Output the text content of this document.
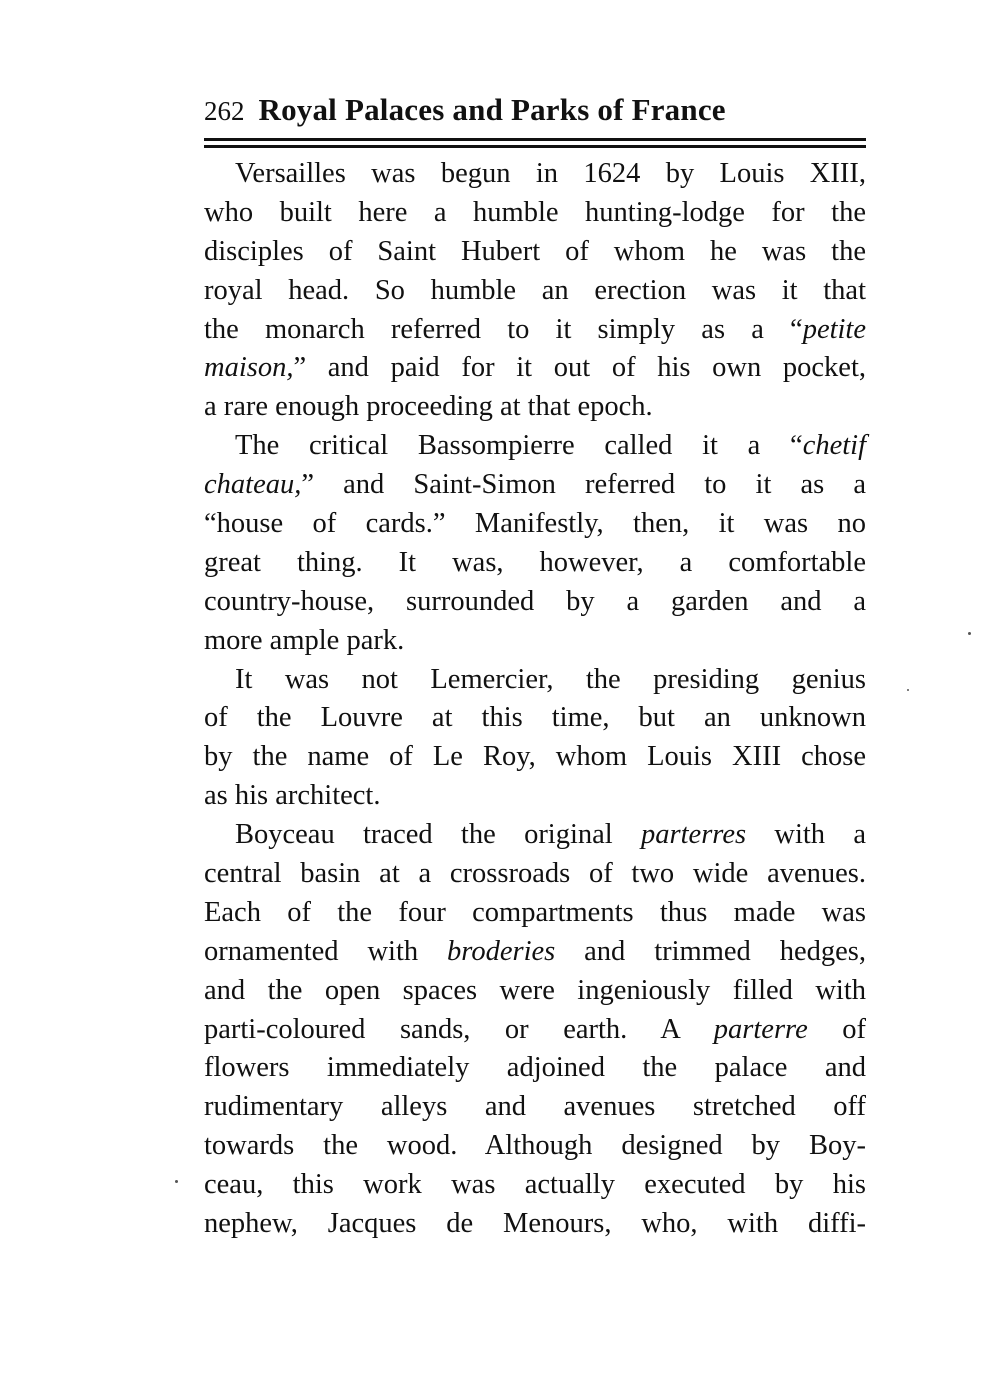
262 Royal Palaces and Parks of France
Versailles was begun in 1624 by Louis XIII,
who built here a humble hunting-lodge for the
disciples of Saint Hubert of whom he was the
royal head. So humble an erection was it that
the monarch referred to it simply as a “petite
maison,” and paid for it out of his own pocket,
a rare enough proceeding at that epoch.
The critical Bassompierre called it a “chetif
chateau,” and Saint-Simon referred to it as a
“house of cards.” Manifestly, then, it was no
great thing. It was, however, a comfortable
country-house, surrounded by a garden and a
more ample park.
It was not Lemercier, the presiding genius
of the Louvre at this time, but an unknown
by the name of Le Roy, whom Louis XIII chose
as his architect.
Boyceau traced the original parterres with a
central basin at a crossroads of two wide avenues.
Each of the four compartments thus made was
ornamented with broderies and trimmed hedges,
and the open spaces were ingeniously filled with
parti-coloured sands, or earth. A parterre of
flowers immediately adjoined the palace and
rudimentary alleys and avenues stretched off
towards the wood. Although designed by Boy-
ceau, this work was actually executed by his
nephew, Jacques de Menours, who, with diffi-
